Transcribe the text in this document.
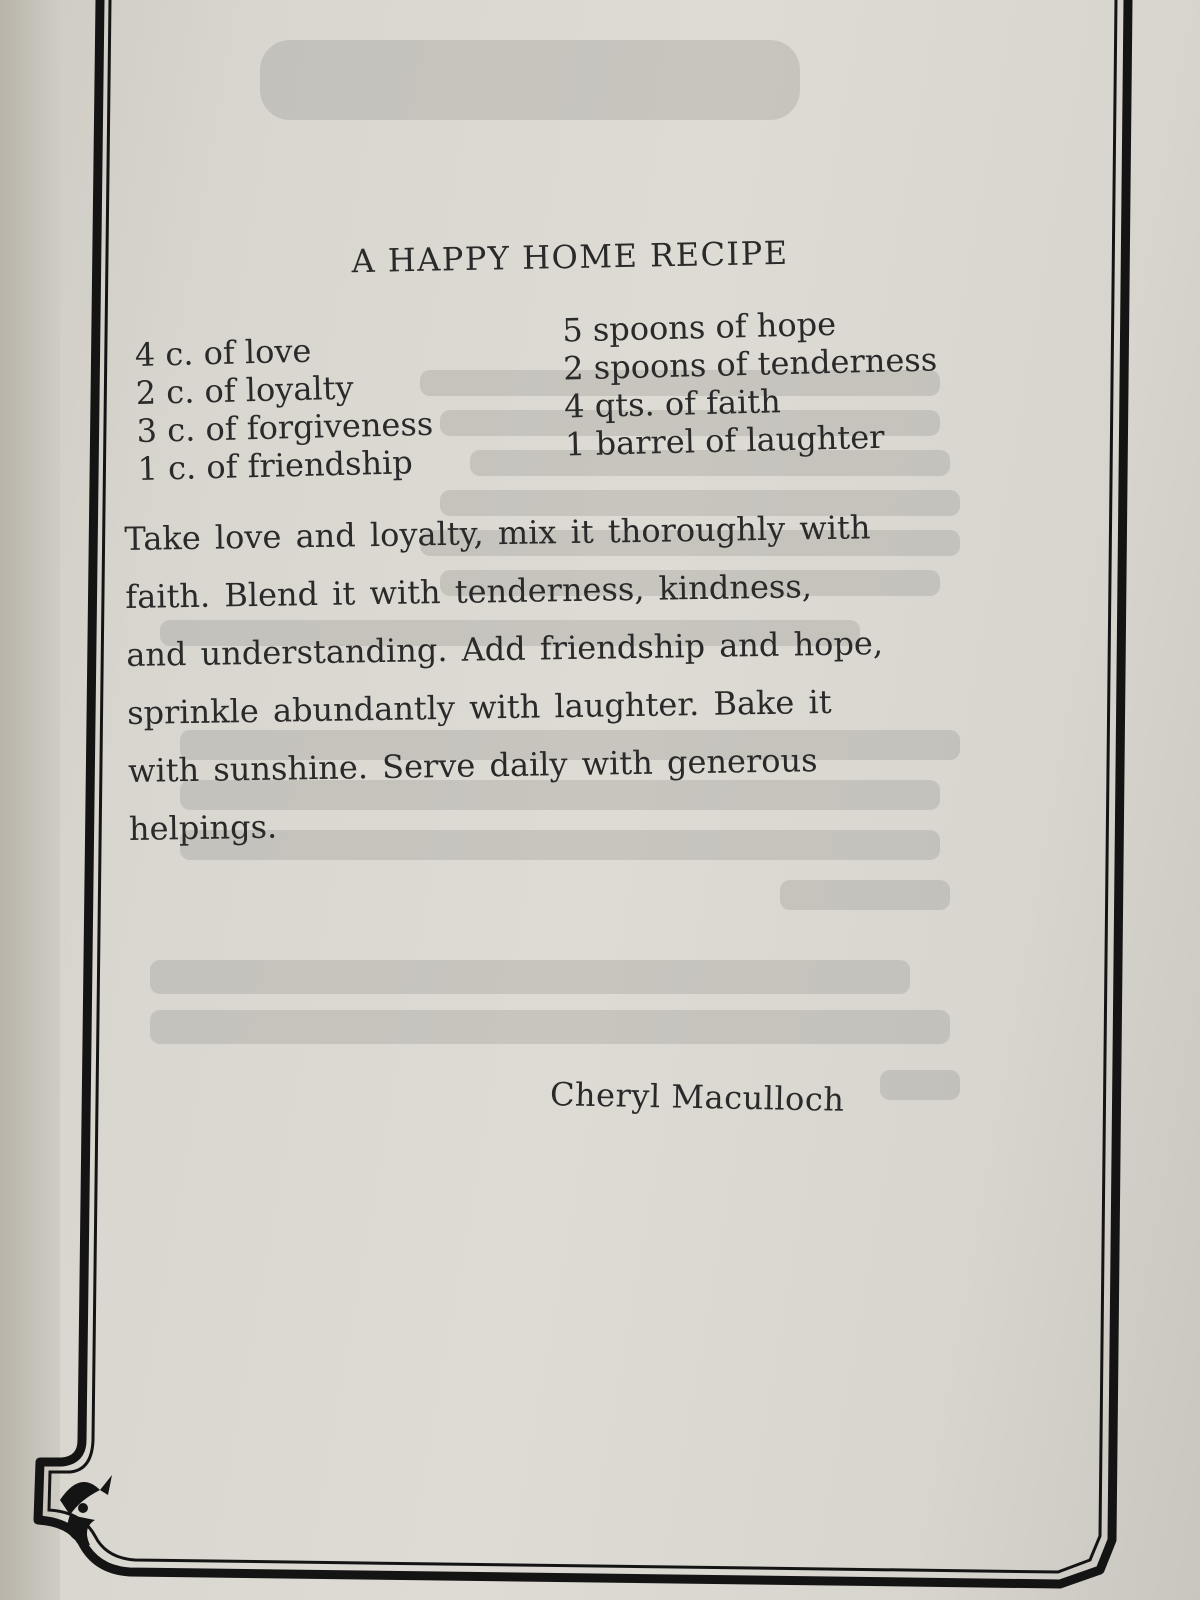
A HAPPY HOME RECIPE
4 c. of love
2 c. of loyalty
3 c. of forgiveness
1 c. of friendship
5 spoons of hope
2 spoons of tenderness
4 qts. of faith
1 barrel of laughter
Take love and loyalty, mix it thoroughly with
faith. Blend it with tenderness, kindness,
and understanding. Add friendship and hope,
sprinkle abundantly with laughter. Bake it
with sunshine. Serve daily with generous
helpings.
Cheryl Maculloch
